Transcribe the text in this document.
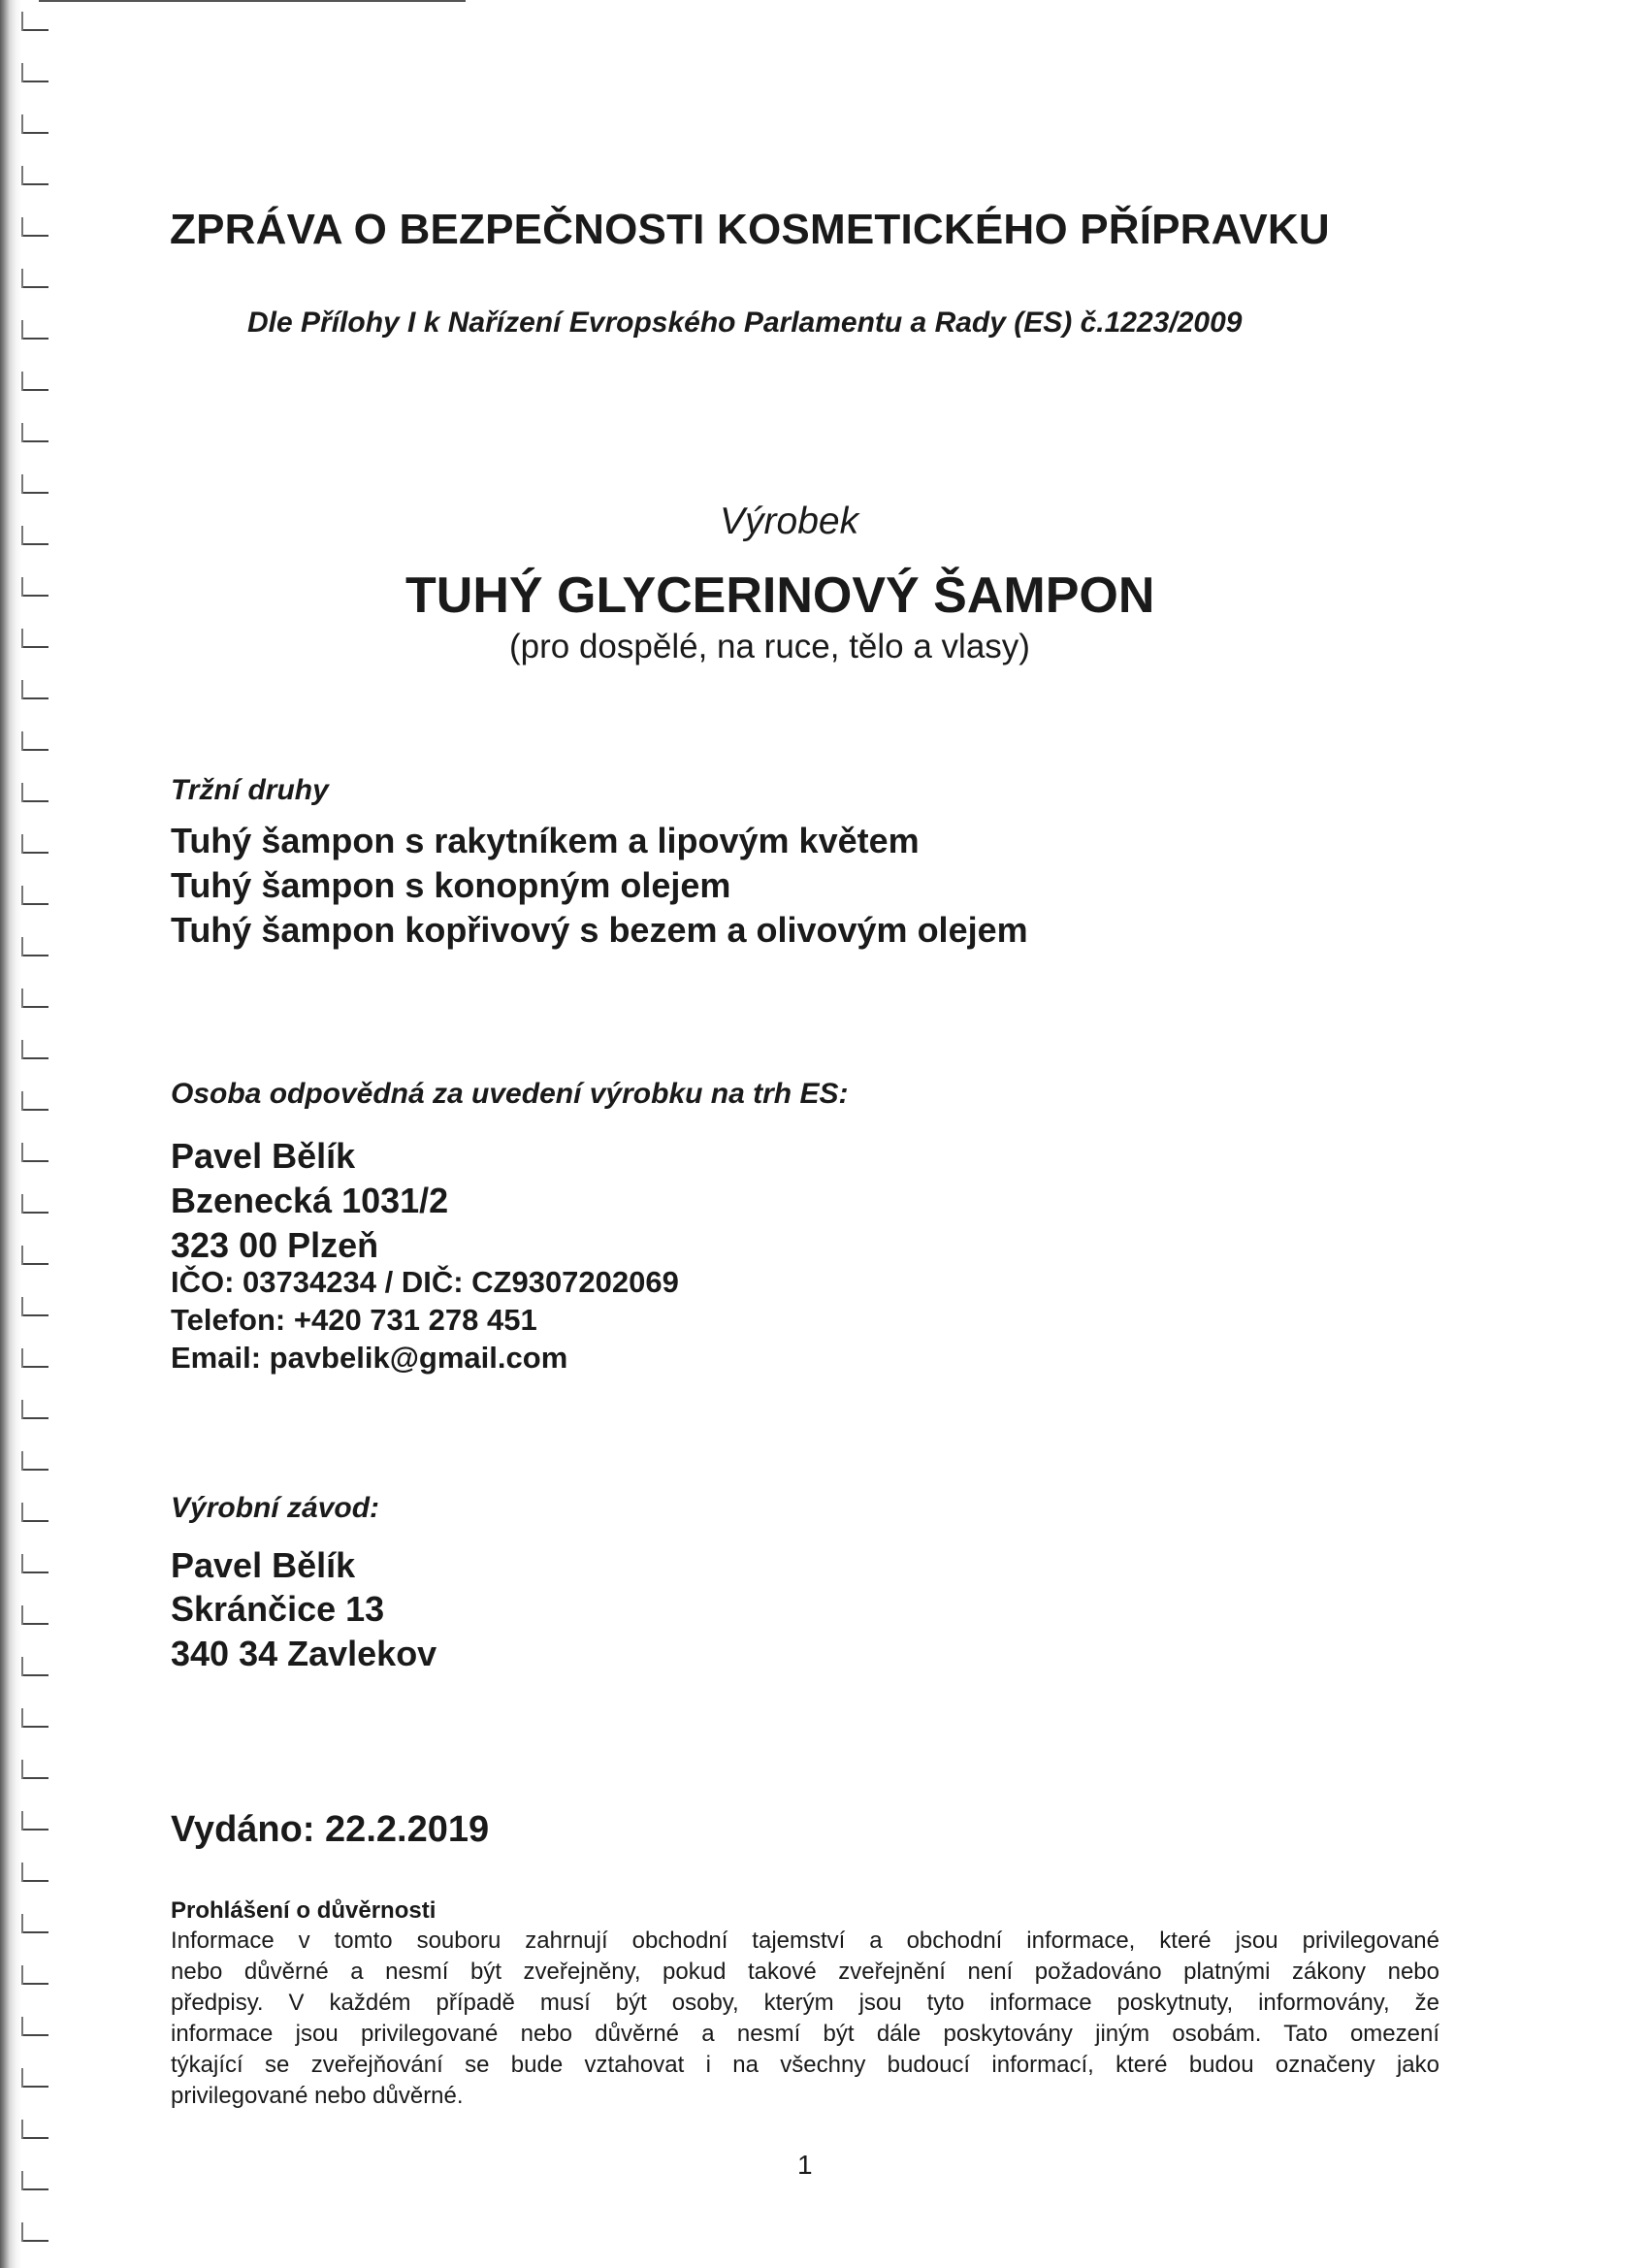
ZPRÁVA O BEZPEČNOSTI KOSMETICKÉHO PŘÍPRAVKU
Dle Přílohy I k Nařízení Evropského Parlamentu a Rady (ES) č.1223/2009
Výrobek
TUHÝ GLYCERINOVÝ ŠAMPON
(pro dospělé, na ruce, tělo a vlasy)
Tržní druhy
Tuhý šampon s rakytníkem a lipovým květem
Tuhý šampon s konopným olejem
Tuhý šampon kopřivový s bezem a olivovým olejem
Osoba odpovědná za uvedení výrobku na trh ES:
Pavel Bělík
Bzenecká 1031/2
323 00 Plzeň
IČO: 03734234 / DIČ: CZ9307202069
Telefon: +420 731 278 451
Email: pavbelik@gmail.com
Výrobní závod:
Pavel Bělík
Skránčice 13
340 34 Zavlekov
Vydáno: 22.2.2019
Prohlášení o důvěrnosti
Informace v tomto souboru zahrnují obchodní tajemství a obchodní informace, které jsou privilegované
nebo důvěrné a nesmí být zveřejněny, pokud takové zveřejnění není požadováno platnými zákony nebo
předpisy. V každém případě musí být osoby, kterým jsou tyto informace poskytnuty, informovány, že
informace jsou privilegované nebo důvěrné a nesmí být dále poskytovány jiným osobám. Tato omezení
týkající se zveřejňování se bude vztahovat i na všechny budoucí informací, které budou označeny jako
privilegované nebo důvěrné.
1
